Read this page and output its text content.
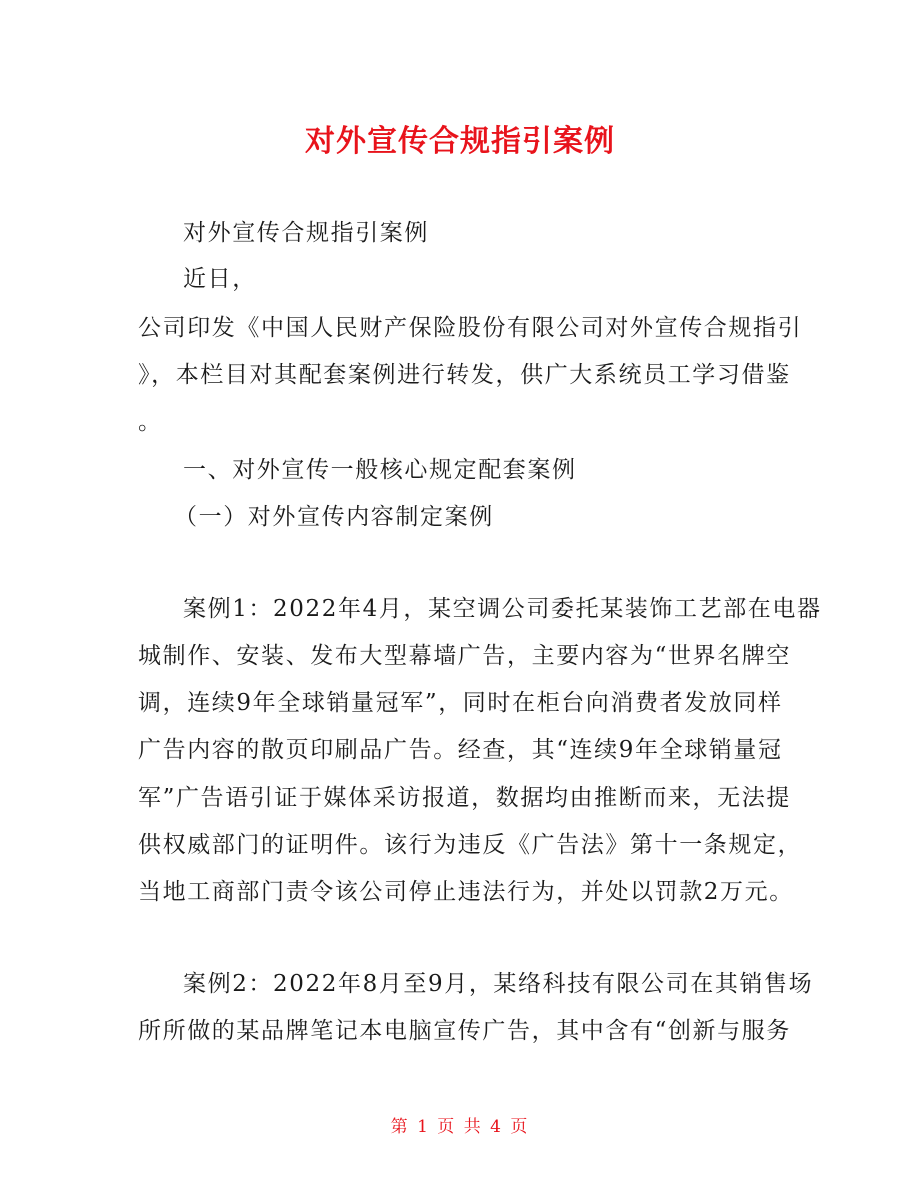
对外宣传合规指引案例

对外宣传合规指引案例

近日，

公司印发《中国人民财产保险股份有限公司对外宣传合规指引

》，本栏目对其配套案例进行转发，供广大系统员工学习借鉴

。

一、对外宣传一般核心规定配套案例

（一）对外宣传内容制定案例

案例1：2022年4月，某空调公司委托某装饰工艺部在电器

城制作、安装、发布大型幕墙广告，主要内容为“世界名牌空

调，连续9年全球销量冠军”，同时在柜台向消费者发放同样

广告内容的散页印刷品广告。经查，其“连续9年全球销量冠

军”广告语引证于媒体采访报道，数据均由推断而来，无法提

供权威部门的证明件。该行为违反《广告法》第十一条规定，

当地工商部门责令该公司停止违法行为，并处以罚款2万元。

案例2：2022年8月至9月，某络科技有限公司在其销售场

所所做的某品牌笔记本电脑宣传广告，其中含有“创新与服务

第 1 页 共 4 页
